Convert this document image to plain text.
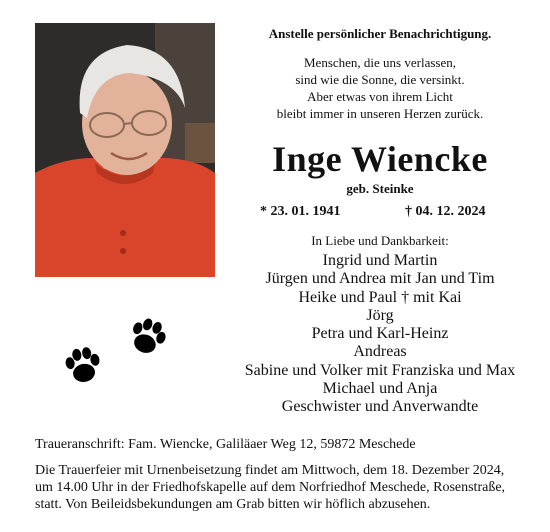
Anstelle persönlicher Benachrichtigung.
Menschen, die uns verlassen,
sind wie die Sonne, die versinkt.
Aber etwas von ihrem Licht
bleibt immer in unseren Herzen zurück.
Inge Wiencke
geb. Steinke
* 23. 01. 1941	† 04. 12. 2024
In Liebe und Dankbarkeit:
Ingrid und Martin
Jürgen und Andrea mit Jan und Tim
Heike und Paul † mit Kai
Jörg
Petra und Karl-Heinz
Andreas
Sabine und Volker mit Franziska und Max
Michael und Anja
Geschwister und Anverwandte
Traueranschrift: Fam. Wiencke, Galiläaer Weg 12, 59872 Meschede
Die Trauerfeier mit Urnenbeisetzung findet am Mittwoch, dem 18. Dezember 2024,
um 14.00 Uhr in der Friedhofskapelle auf dem Norfriedhof Meschede, Rosenstraße,
statt. Von Beileidsbekundungen am Grab bitten wir höflich abzusehen.
